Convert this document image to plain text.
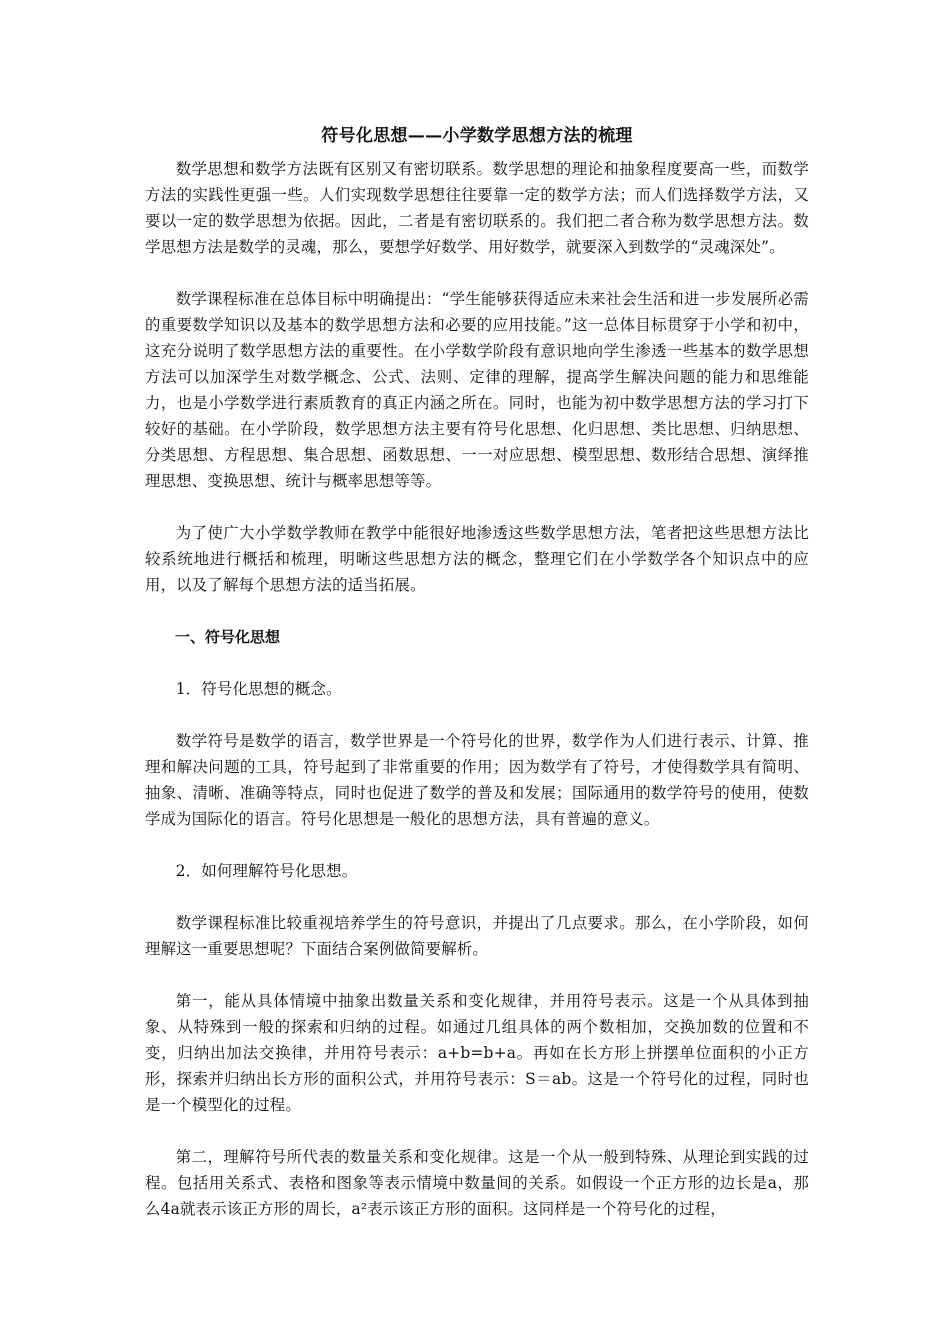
符号化思想——小学数学思想方法的梳理

数学思想和数学方法既有区别又有密切联系。数学思想的理论和抽象程度要高一些，而数学方法的实践性更强一些。人们实现数学思想往往要靠一定的数学方法；而人们选择数学方法，又要以一定的数学思想为依据。因此，二者是有密切联系的。我们把二者合称为数学思想方法。数学思想方法是数学的灵魂，那么，要想学好数学、用好数学，就要深入到数学的“灵魂深处”。

数学课程标准在总体目标中明确提出：“学生能够获得适应未来社会生活和进一步发展所必需的重要数学知识以及基本的数学思想方法和必要的应用技能。”这一总体目标贯穿于小学和初中，这充分说明了数学思想方法的重要性。在小学数学阶段有意识地向学生渗透一些基本的数学思想方法可以加深学生对数学概念、公式、法则、定律的理解，提高学生解决问题的能力和思维能力，也是小学数学进行素质教育的真正内涵之所在。同时，也能为初中数学思想方法的学习打下较好的基础。在小学阶段，数学思想方法主要有符号化思想、化归思想、类比思想、归纳思想、分类思想、方程思想、集合思想、函数思想、一一对应思想、模型思想、数形结合思想、演绎推理思想、变换思想、统计与概率思想等等。

为了使广大小学数学教师在教学中能很好地渗透这些数学思想方法，笔者把这些思想方法比较系统地进行概括和梳理，明晰这些思想方法的概念，整理它们在小学数学各个知识点中的应用，以及了解每个思想方法的适当拓展。

一、符号化思想

1．符号化思想的概念。

数学符号是数学的语言，数学世界是一个符号化的世界，数学作为人们进行表示、计算、推理和解决问题的工具，符号起到了非常重要的作用；因为数学有了符号，才使得数学具有简明、抽象、清晰、准确等特点，同时也促进了数学的普及和发展；国际通用的数学符号的使用，使数学成为国际化的语言。符号化思想是一般化的思想方法，具有普遍的意义。

2．如何理解符号化思想。

数学课程标准比较重视培养学生的符号意识，并提出了几点要求。那么，在小学阶段，如何理解这一重要思想呢？下面结合案例做简要解析。

第一，能从具体情境中抽象出数量关系和变化规律，并用符号表示。这是一个从具体到抽象、从特殊到一般的探索和归纳的过程。如通过几组具体的两个数相加，交换加数的位置和不变，归纳出加法交换律，并用符号表示：a+b=b+a。再如在长方形上拼摆单位面积的小正方形，探索并归纳出长方形的面积公式，并用符号表示：S＝ab。这是一个符号化的过程，同时也是一个模型化的过程。

第二，理解符号所代表的数量关系和变化规律。这是一个从一般到特殊、从理论到实践的过程。包括用关系式、表格和图象等表示情境中数量间的关系。如假设一个正方形的边长是a，那么4a就表示该正方形的周长，a²表示该正方形的面积。这同样是一个符号化的过程，
